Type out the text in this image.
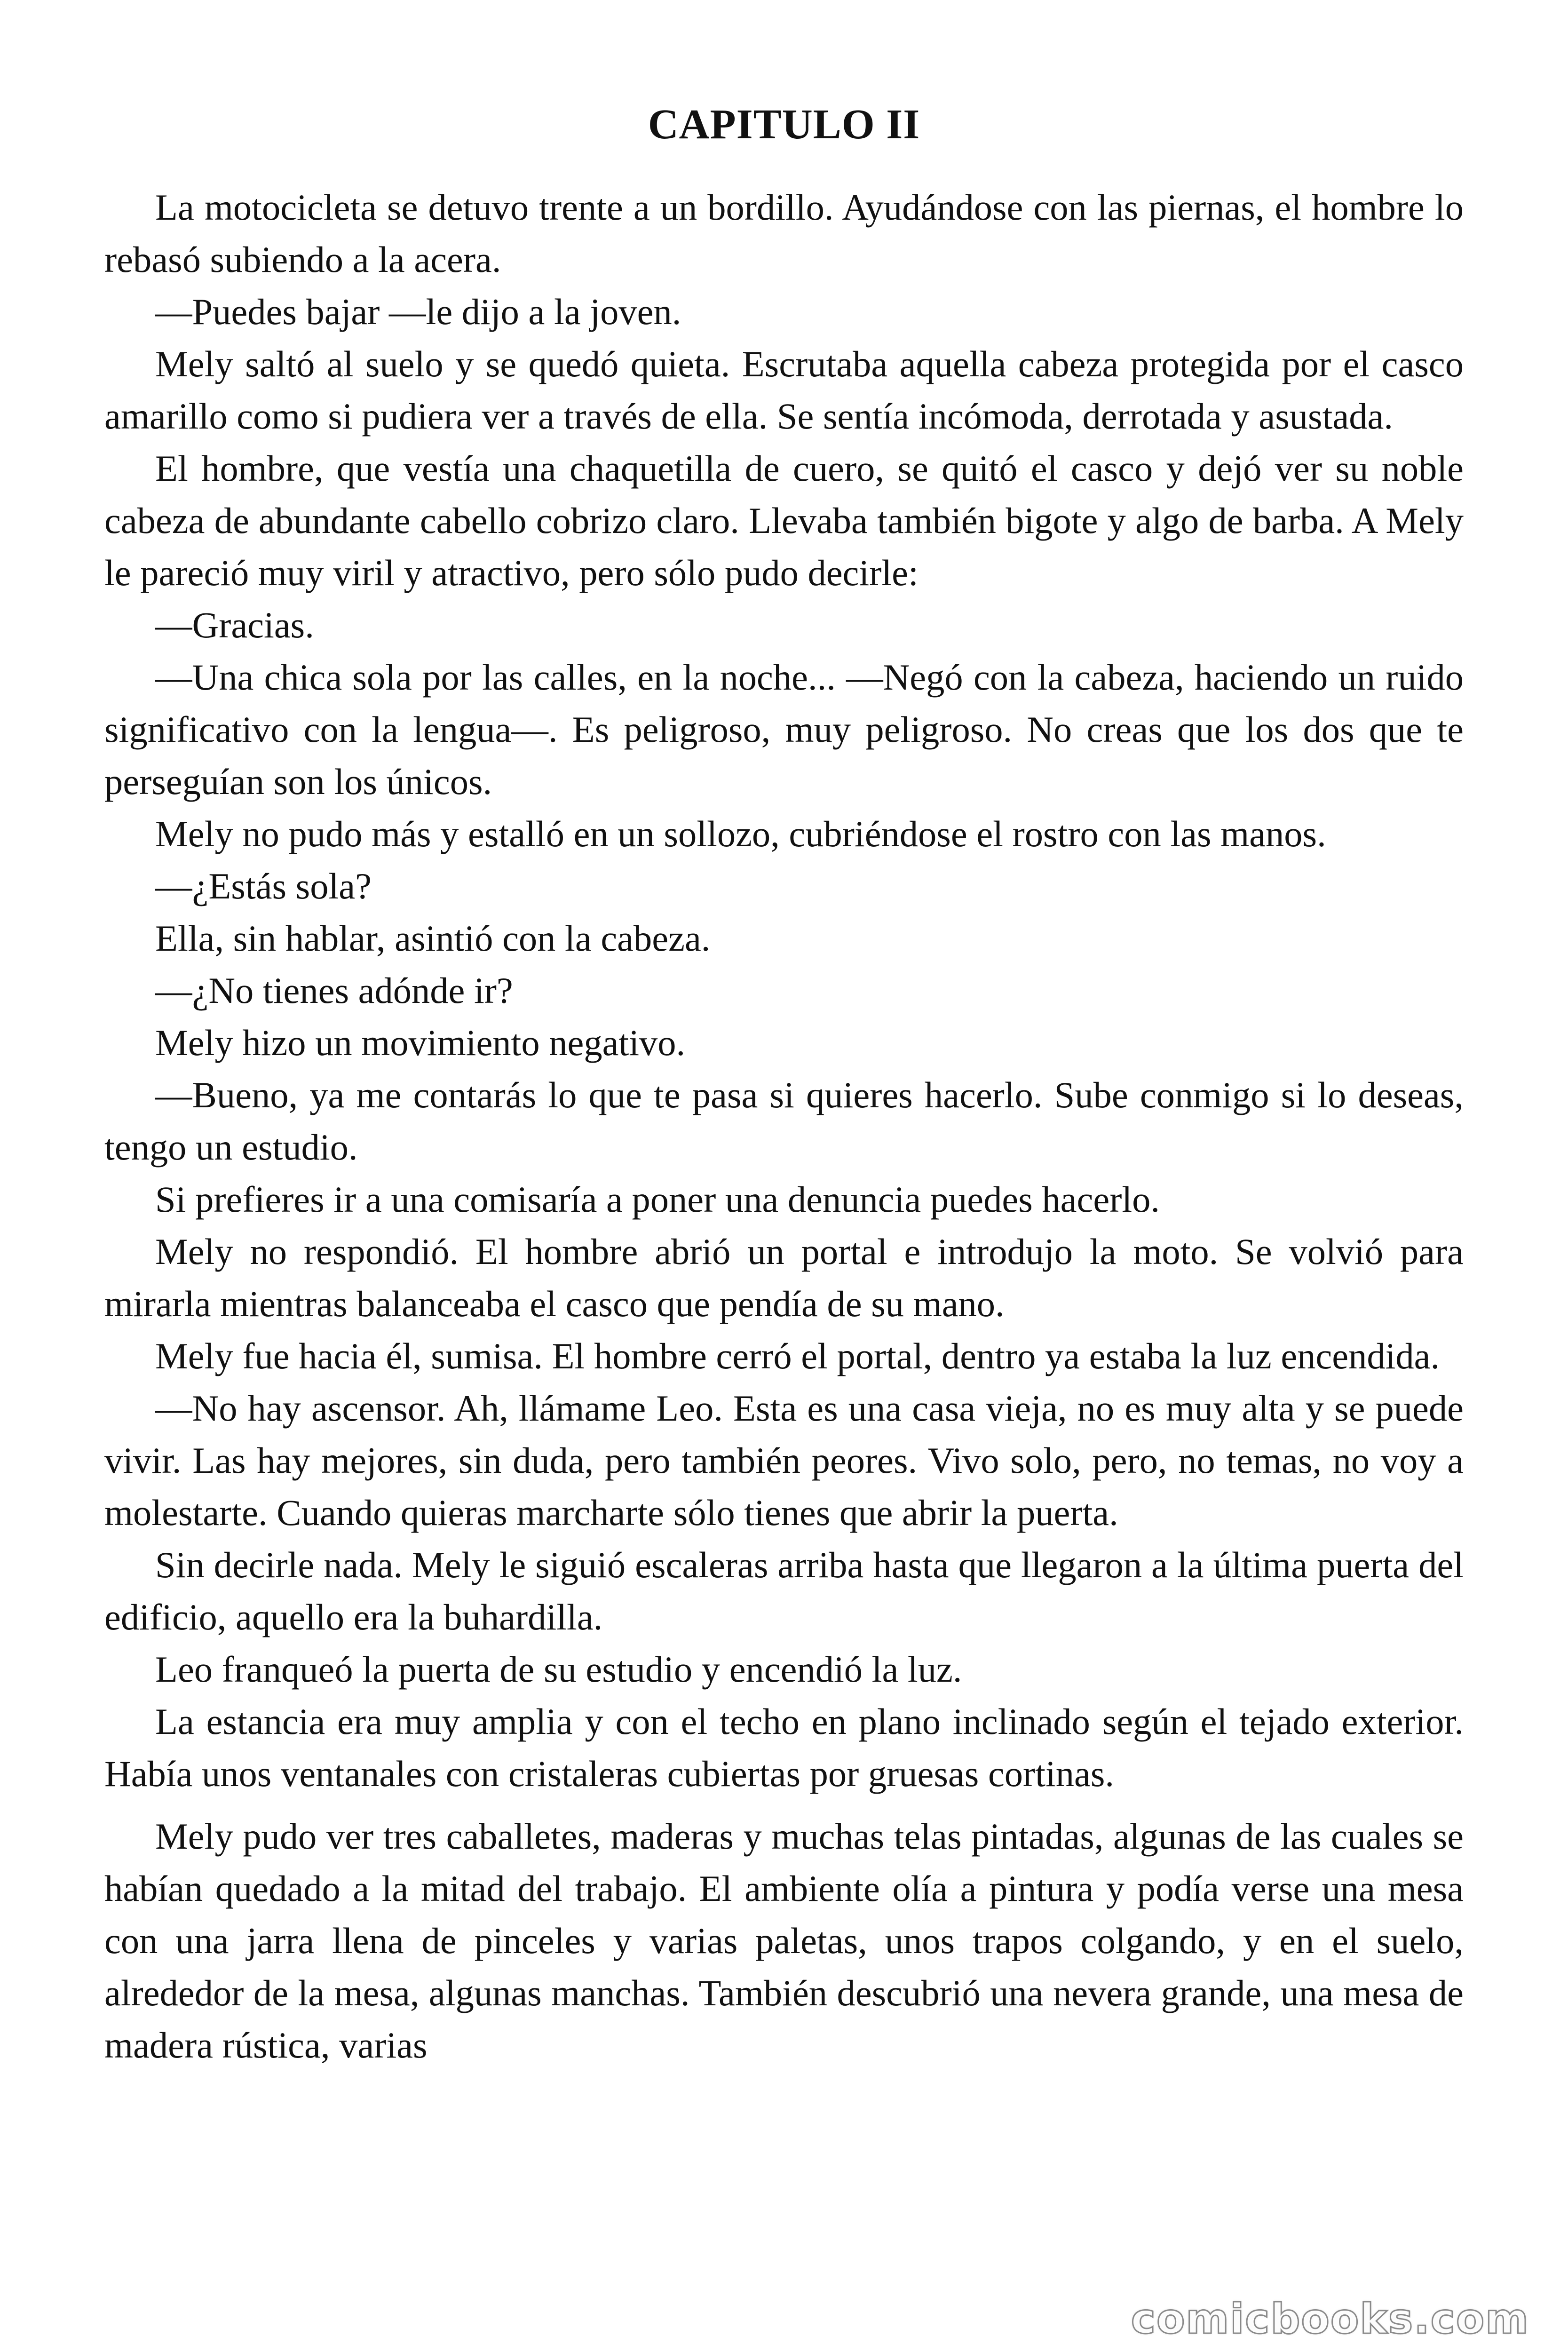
CAPITULO II

La motocicleta se detuvo trente a un bordillo. Ayudándose con las piernas, el hombre lo rebasó subiendo a la acera.

—Puedes bajar —le dijo a la joven.

Mely saltó al suelo y se quedó quieta. Escrutaba aquella cabeza protegida por el casco amarillo como si pudiera ver a través de ella. Se sentía incómoda, derrotada y asustada.

El hombre, que vestía una chaquetilla de cuero, se quitó el casco y dejó ver su noble cabeza de abundante cabello cobrizo claro. Llevaba también bigote y algo de barba. A Mely le pareció muy viril y atractivo, pero sólo pudo decirle:

—Gracias.

—Una chica sola por las calles, en la noche... —Negó con la cabeza, haciendo un ruido significativo con la lengua—. Es peligroso, muy peligroso. No creas que los dos que te perseguían son los únicos.

Mely no pudo más y estalló en un sollozo, cubriéndose el rostro con las manos.

—¿Estás sola?

Ella, sin hablar, asintió con la cabeza.

—¿No tienes adónde ir?

Mely hizo un movimiento negativo.

—Bueno, ya me contarás lo que te pasa si quieres hacerlo. Sube conmigo si lo deseas, tengo un estudio.

Si prefieres ir a una comisaría a poner una denuncia puedes hacerlo.

Mely no respondió. El hombre abrió un portal e introdujo la moto. Se volvió para mirarla mientras balanceaba el casco que pendía de su mano.

Mely fue hacia él, sumisa. El hombre cerró el portal, dentro ya estaba la luz encendida.

—No hay ascensor. Ah, llámame Leo. Esta es una casa vieja, no es muy alta y se puede vivir. Las hay mejores, sin duda, pero también peores. Vivo solo, pero, no temas, no voy a molestarte. Cuando quieras marcharte sólo tienes que abrir la puerta.

Sin decirle nada. Mely le siguió escaleras arriba hasta que llegaron a la última puerta del edificio, aquello era la buhardilla.

Leo franqueó la puerta de su estudio y encendió la luz.

La estancia era muy amplia y con el techo en plano inclinado según el tejado exterior. Había unos ventanales con cristaleras cubiertas por gruesas cortinas.

Mely pudo ver tres caballetes, maderas y muchas telas pintadas, algunas de las cuales se habían quedado a la mitad del trabajo. El ambiente olía a pintura y podía verse una mesa con una jarra llena de pinceles y varias paletas, unos trapos colgando, y en el suelo, alrededor de la mesa, algunas manchas. También descubrió una nevera grande, una mesa de madera rústica, varias

comicbooks.com
